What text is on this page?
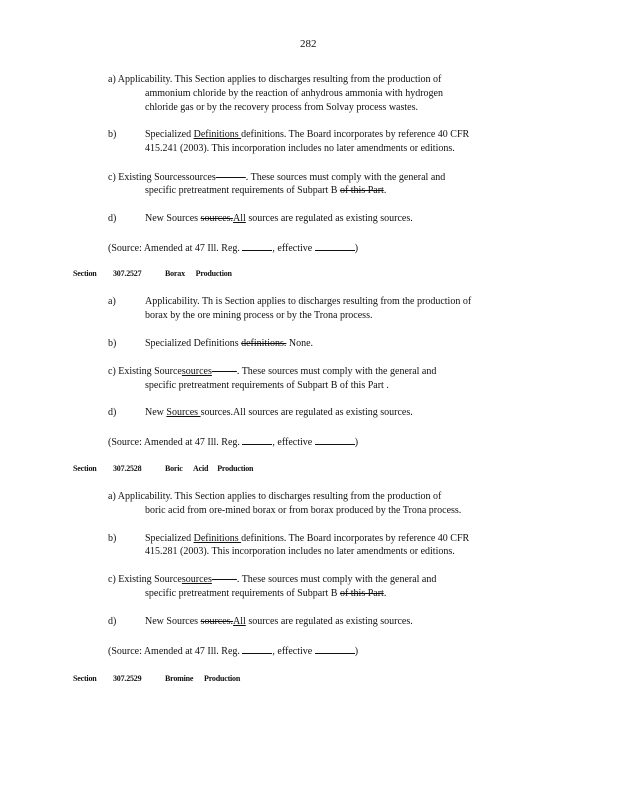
282
a) Applicability. This Section applies to discharges resulting from the production of
ammonium chloride by the reaction of anhydrous ammonia with hydrogen
chloride gas or by the recovery process from Solvay process wastes.
b)	Specialized Definitions definitions. The Board incorporates by reference 40 CFR
415.241 (2003). This incorporation includes no later amendments or editions.
c) Existing Sourcessources	. These sources must comply with the general and
specific pretreatment requirements of Subpart B of this Part.
d)	New Sources sources.All sources are regulated as existing sources.
(Source: Amended at 47 Ill. Reg.	, effective	)
Section 307.2527	Borax      Production
a)	Applicability. Th is Section applies to discharges resulting from the production of
borax by the ore mining process or by the Trona process.
b)	Specialized Definitions definitions. None.
c) Existing Sourcesources	. These sources must comply with the general and
specific pretreatment requirements of Subpart B of this Part .
d)	New Sources sources.All sources are regulated as existing sources.
(Source: Amended at 47 Ill. Reg.	, effective	)
Section 307.2528	Boric      Acid     Production
a) Applicability. This Section applies to discharges resulting from the production of
boric acid from ore-mined borax or from borax produced by the Trona process.
b)	Specialized Definitions definitions. The Board incorporates by reference 40 CFR
415.281 (2003). This incorporation includes no later amendments or editions.
c) Existing Sourcesources	. These sources must comply with the general and
specific pretreatment requirements of Subpart B of this Part.
d)	New Sources sources.All sources are regulated as existing sources.
(Source: Amended at 47 Ill. Reg.	, effective	)
Section 307.2529	Bromine      Production
